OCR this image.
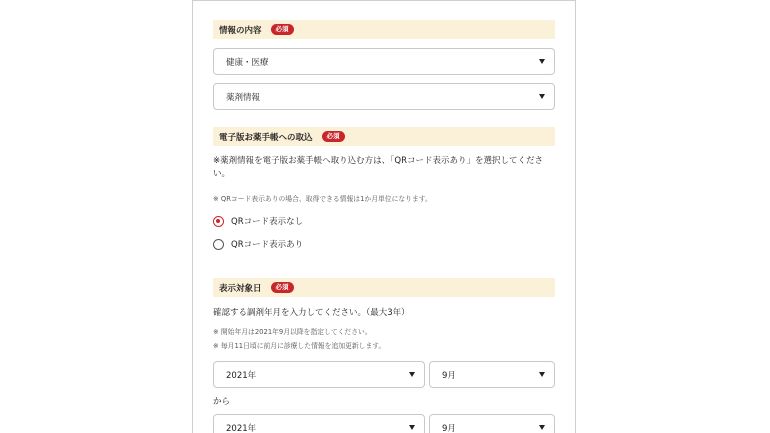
情報の内容	必須
健康・医療
薬剤情報
電子版お薬手帳への取込	必須
※薬剤情報を電子版お薬手帳へ取り込む方は、「QRコード表示あり」を選択してください。
※ QRコード表示ありの場合、取得できる情報は1か月単位になります。
QRコード表示なし
QRコード表示あり
表示対象日	必須
確認する調剤年月を入力してください。（最大3年）
※ 開始年月は2021年9月以降を指定してください。
※ 毎月11日頃に前月に診療した情報を追加更新します。
2021年	9月
から
2021年	9月
